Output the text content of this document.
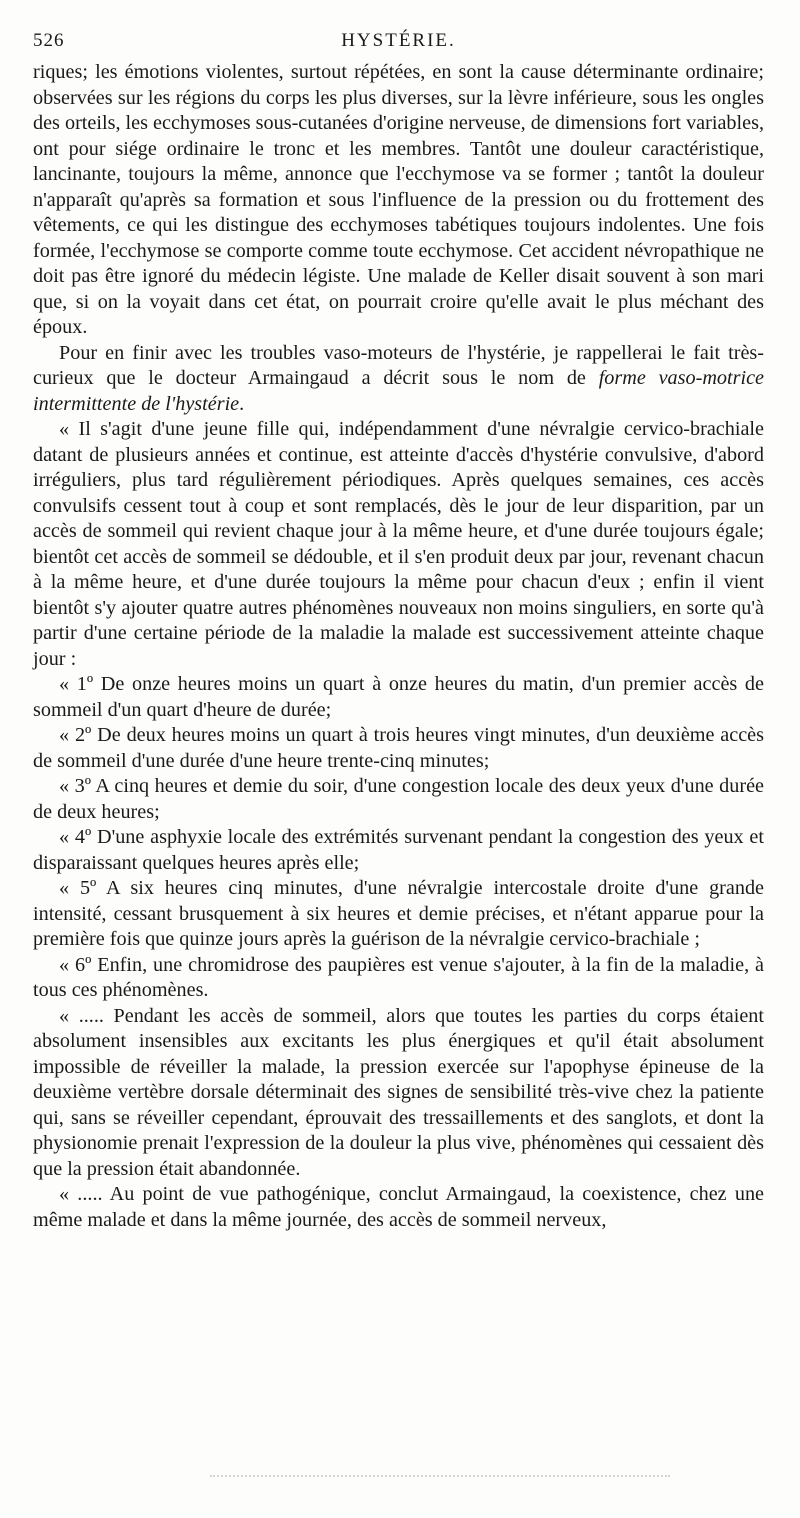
526	HYSTÉRIE.

riques; les émotions violentes, surtout répétées, en sont la cause déterminante ordinaire; observées sur les régions du corps les plus diverses, sur la lèvre inférieure, sous les ongles des orteils, les ecchymoses sous-cutanées d'origine nerveuse, de dimensions fort variables, ont pour siége ordinaire le tronc et les membres. Tantôt une douleur caractéristique, lancinante, toujours la même, annonce que l'ecchymose va se former ; tantôt la douleur n'apparaît qu'après sa formation et sous l'influence de la pression ou du frottement des vêtements, ce qui les distingue des ecchymoses tabétiques toujours indolentes. Une fois formée, l'ecchymose se comporte comme toute ecchymose. Cet accident névropathique ne doit pas être ignoré du médecin légiste. Une malade de Keller disait souvent à son mari que, si on la voyait dans cet état, on pourrait croire qu'elle avait le plus méchant des époux.

Pour en finir avec les troubles vaso-moteurs de l'hystérie, je rappellerai le fait très-curieux que le docteur Armaingaud a décrit sous le nom de forme vaso-motrice intermittente de l'hystérie.

« Il s'agit d'une jeune fille qui, indépendamment d'une névralgie cervico-brachiale datant de plusieurs années et continue, est atteinte d'accès d'hystérie convulsive, d'abord irréguliers, plus tard régulièrement périodiques. Après quelques semaines, ces accès convulsifs cessent tout à coup et sont remplacés, dès le jour de leur disparition, par un accès de sommeil qui revient chaque jour à la même heure, et d'une durée toujours égale; bientôt cet accès de sommeil se dédouble, et il s'en produit deux par jour, revenant chacun à la même heure, et d'une durée toujours la même pour chacun d'eux ; enfin il vient bientôt s'y ajouter quatre autres phénomènes nouveaux non moins singuliers, en sorte qu'à partir d'une certaine période de la maladie la malade est successivement atteinte chaque jour :

« 1º De onze heures moins un quart à onze heures du matin, d'un premier accès de sommeil d'un quart d'heure de durée;

« 2º De deux heures moins un quart à trois heures vingt minutes, d'un deuxième accès de sommeil d'une durée d'une heure trente-cinq minutes;

« 3º A cinq heures et demie du soir, d'une congestion locale des deux yeux d'une durée de deux heures;

« 4º D'une asphyxie locale des extrémités survenant pendant la congestion des yeux et disparaissant quelques heures après elle;

« 5º A six heures cinq minutes, d'une névralgie intercostale droite d'une grande intensité, cessant brusquement à six heures et demie précises, et n'étant apparue pour la première fois que quinze jours après la guérison de la névralgie cervico-brachiale ;

« 6º Enfin, une chromidrose des paupières est venue s'ajouter, à la fin de la maladie, à tous ces phénomènes.

« ..... Pendant les accès de sommeil, alors que toutes les parties du corps étaient absolument insensibles aux excitants les plus énergiques et qu'il était absolument impossible de réveiller la malade, la pression exercée sur l'apophyse épineuse de la deuxième vertèbre dorsale déterminait des signes de sensibilité très-vive chez la patiente qui, sans se réveiller cependant, éprouvait des tressaillements et des sanglots, et dont la physionomie prenait l'expression de la douleur la plus vive, phénomènes qui cessaient dès que la pression était abandonnée.

« ..... Au point de vue pathogénique, conclut Armaingaud, la coexistence, chez une même malade et dans la même journée, des accès de sommeil nerveux,
